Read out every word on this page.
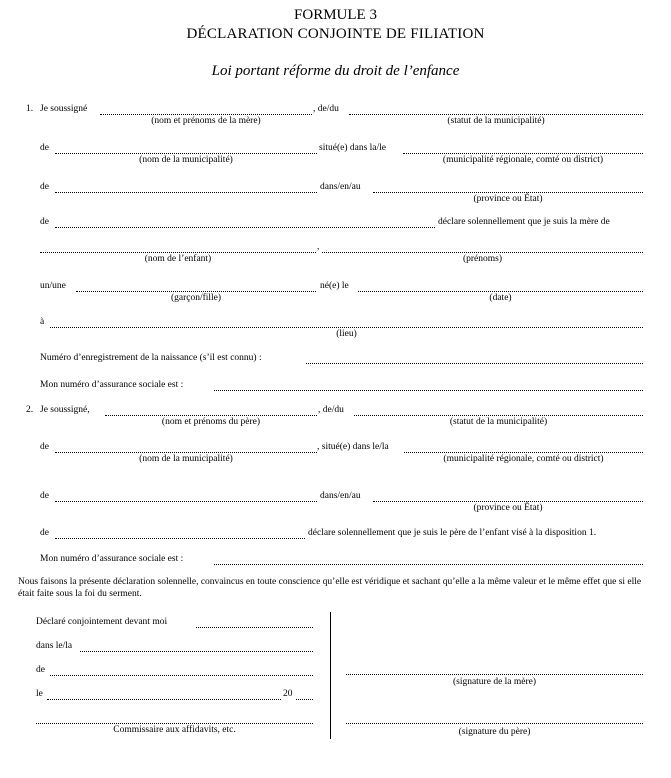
FORMULE 3
DÉCLARATION CONJOINTE DE FILIATION
Loi portant réforme du droit de l’enfance
1. Je soussigné	, de/du
(nom et prénoms de la mère)	(statut de la municipalité)
de	situé(e) dans la/le
(nom de la municipalité)	(municipalité régionale, comté ou district)
de	dans/en/au
(province ou État)
de	déclare solennellement que je suis la mère de
,
(nom de l’enfant)	(prénoms)
un/une	né(e) le
(garçon/fille)	(date)
à
(lieu)
Numéro d’enregistrement de la naissance (s’il est connu) :
Mon numéro d’assurance sociale est :
2. Je soussigné,	, de/du
(nom et prénoms du père)	(statut de la municipalité)
de	, situé(e) dans le/la
(nom de la municipalité)	(municipalité régionale, comté ou district)
de	dans/en/au
(province ou État)
de	déclare solennellement que je suis le père de l’enfant visé à la disposition 1.
Mon numéro d’assurance sociale est :
Nous faisons la présente déclaration solennelle, convaincus en toute conscience qu’elle est véridique et sachant qu’elle a la même valeur et le même effet que si elle était faite sous la foi du serment.
Déclaré conjointement devant moi
dans le/la
de
le	20
Commissaire aux affidavits, etc.
(signature de la mère)
(signature du père)
